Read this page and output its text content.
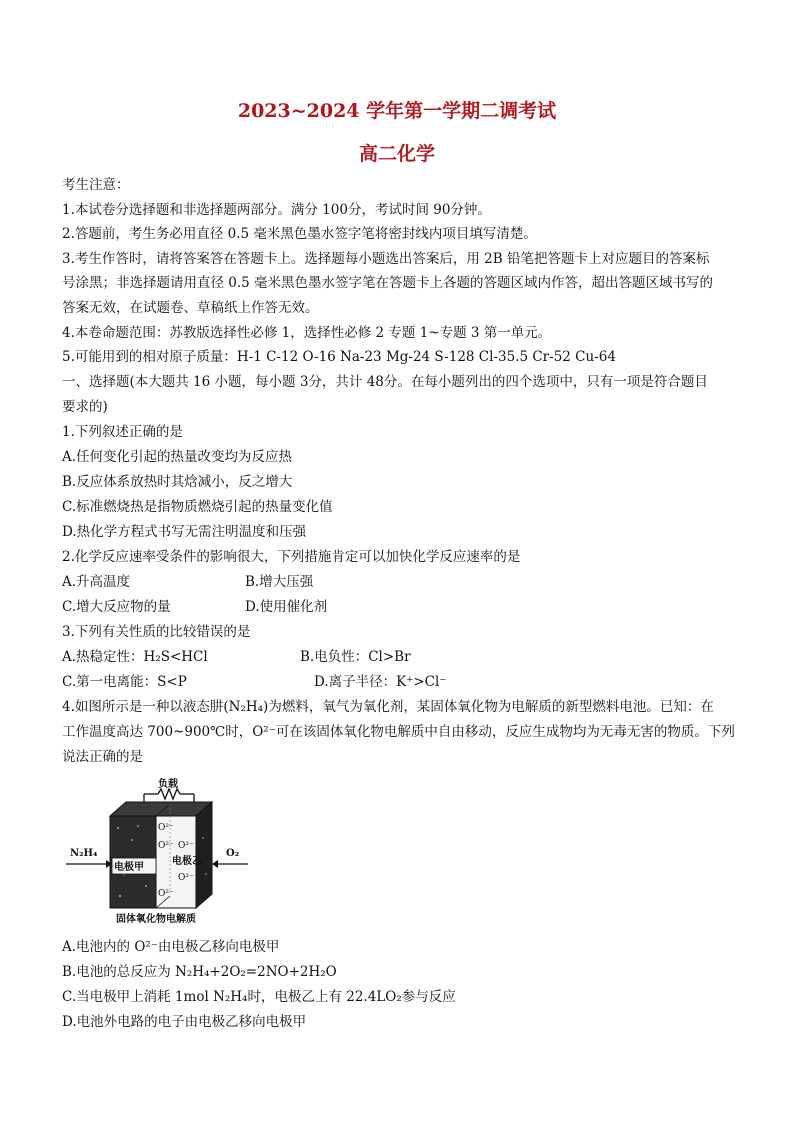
2023~2024 学年第一学期二调考试
高二化学
考生注意：
1.本试卷分选择题和非选择题两部分。满分 100分，考试时间 90分钟。
2.答题前，考生务必用直径 0.5 毫米黑色墨水签字笔将密封线内项目填写清楚。
3.考生作答时，请将答案答在答题卡上。选择题每小题选出答案后，用 2B 铅笔把答题卡上对应题目的答案标
号涂黑；非选择题请用直径 0.5 毫米黑色墨水签字笔在答题卡上各题的答题区域内作答，超出答题区域书写的
答案无效，在试题卷、草稿纸上作答无效。
4.本卷命题范围：苏教版选择性必修 1，选择性必修 2 专题 1~专题 3 第一单元。
5.可能用到的相对原子质量：H-1 C-12 O-16 Na-23 Mg-24 S-128 Cl-35.5 Cr-52 Cu-64
一、选择题(本大题共 16 小题，每小题 3分，共计 48分。在每小题列出的四个选项中，只有一项是符合题目
要求的)
1.下列叙述正确的是
A.任何变化引起的热量改变均为反应热
B.反应体系放热时其焓减小，反之增大
C.标准燃烧热是指物质燃烧引起的热量变化值
D.热化学方程式书写无需注明温度和压强
2.化学反应速率受条件的影响很大，下列措施肯定可以加快化学反应速率的是
A.升高温度	B.增大压强
C.增大反应物的量	D.使用催化剂
3.下列有关性质的比较错误的是
A.热稳定性：H₂S<HCl	B.电负性：Cl>Br
C.第一电离能：S<P	D.离子半径：K⁺>Cl⁻
4.如图所示是一种以液态肼(N₂H₄)为燃料，氧气为氧化剂，某固体氧化物为电解质的新型燃料电池。已知：在
工作温度高达 700~900℃时，O²⁻可在该固体氧化物电解质中自由移动，反应生成物均为无毒无害的物质。下列
说法正确的是
负载
O²⁻
O²⁻ O²⁻
O²⁻
O²⁻
电极甲
电极乙
N₂H₄	O₂
固体氧化物电解质
A.电池内的 O²⁻由电极乙移向电极甲
B.电池的总反应为 N₂H₄+2O₂=2NO+2H₂O
C.当电极甲上消耗 1mol N₂H₄时，电极乙上有 22.4LO₂参与反应
D.电池外电路的电子由电极乙移向电极甲
